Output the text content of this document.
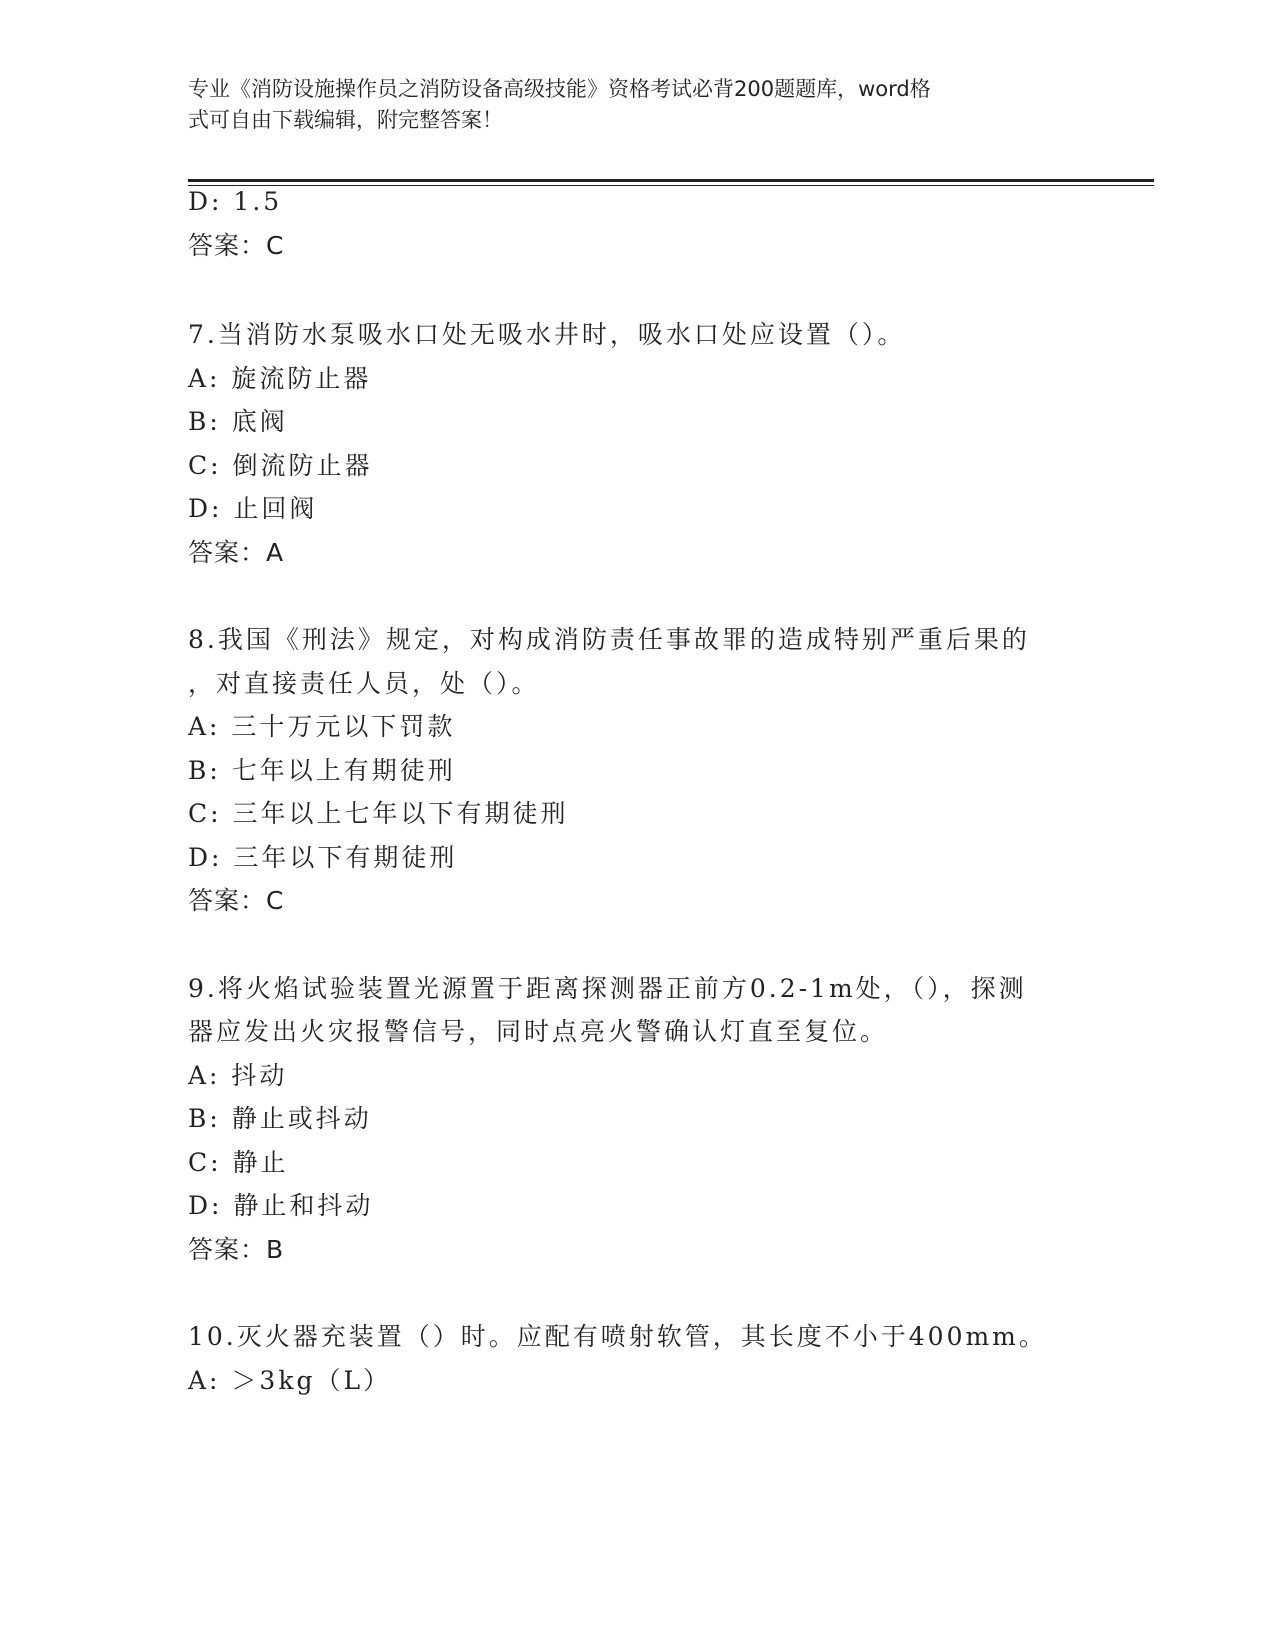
专业《消防设施操作员之消防设备高级技能》资格考试必背200题题库，word格
式可自由下载编辑，附完整答案！
D: 1.5
答案：C
7.当消防水泵吸水口处无吸水井时，吸水口处应设置（）。
A: 旋流防止器
B: 底阀
C: 倒流防止器
D: 止回阀
答案：A
8.我国《刑法》规定，对构成消防责任事故罪的造成特别严重后果的
，对直接责任人员，处（）。
A: 三十万元以下罚款
B: 七年以上有期徒刑
C: 三年以上七年以下有期徒刑
D: 三年以下有期徒刑
答案：C
9.将火焰试验装置光源置于距离探测器正前方0.2-1m处，（），探测
器应发出火灾报警信号，同时点亮火警确认灯直至复位。
A: 抖动
B: 静止或抖动
C: 静止
D: 静止和抖动
答案：B
10.灭火器充装置（）时。应配有喷射软管，其长度不小于400mm。
A: ＞3kg（L）
